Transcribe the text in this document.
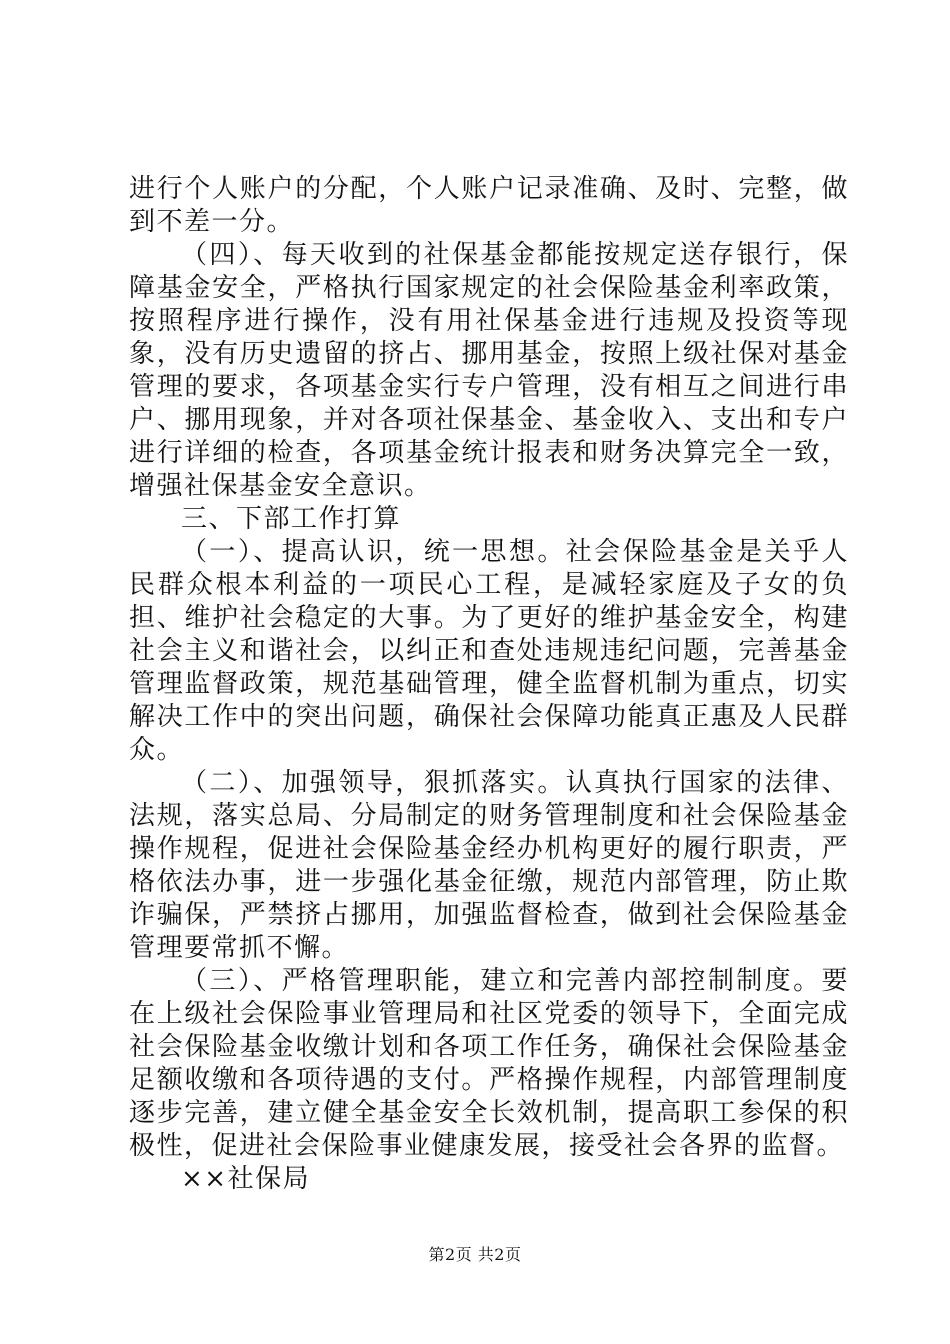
进行个人账户的分配，个人账户记录准确、及时、完整，做到不差一分。

（四）、每天收到的社保基金都能按规定送存银行，保障基金安全，严格执行国家规定的社会保险基金利率政策，按照程序进行操作，没有用社保基金进行违规及投资等现象，没有历史遗留的挤占、挪用基金，按照上级社保对基金管理的要求，各项基金实行专户管理，没有相互之间进行串户、挪用现象，并对各项社保基金、基金收入、支出和专户进行详细的检查，各项基金统计报表和财务决算完全一致，增强社保基金安全意识。

三、下部工作打算

（一）、提高认识，统一思想。社会保险基金是关乎人民群众根本利益的一项民心工程，是减轻家庭及子女的负担、维护社会稳定的大事。为了更好的维护基金安全，构建社会主义和谐社会，以纠正和查处违规违纪问题，完善基金管理监督政策，规范基础管理，健全监督机制为重点，切实解决工作中的突出问题，确保社会保障功能真正惠及人民群众。

（二）、加强领导，狠抓落实。认真执行国家的法律、法规，落实总局、分局制定的财务管理制度和社会保险基金操作规程，促进社会保险基金经办机构更好的履行职责，严格依法办事，进一步强化基金征缴，规范内部管理，防止欺诈骗保，严禁挤占挪用，加强监督检查，做到社会保险基金管理要常抓不懈。

（三）、严格管理职能，建立和完善内部控制制度。要在上级社会保险事业管理局和社区党委的领导下，全面完成社会保险基金收缴计划和各项工作任务，确保社会保险基金足额收缴和各项待遇的支付。严格操作规程，内部管理制度逐步完善，建立健全基金安全长效机制，提高职工参保的积极性，促进社会保险事业健康发展，接受社会各界的监督。

××社保局

第2页 共2页
